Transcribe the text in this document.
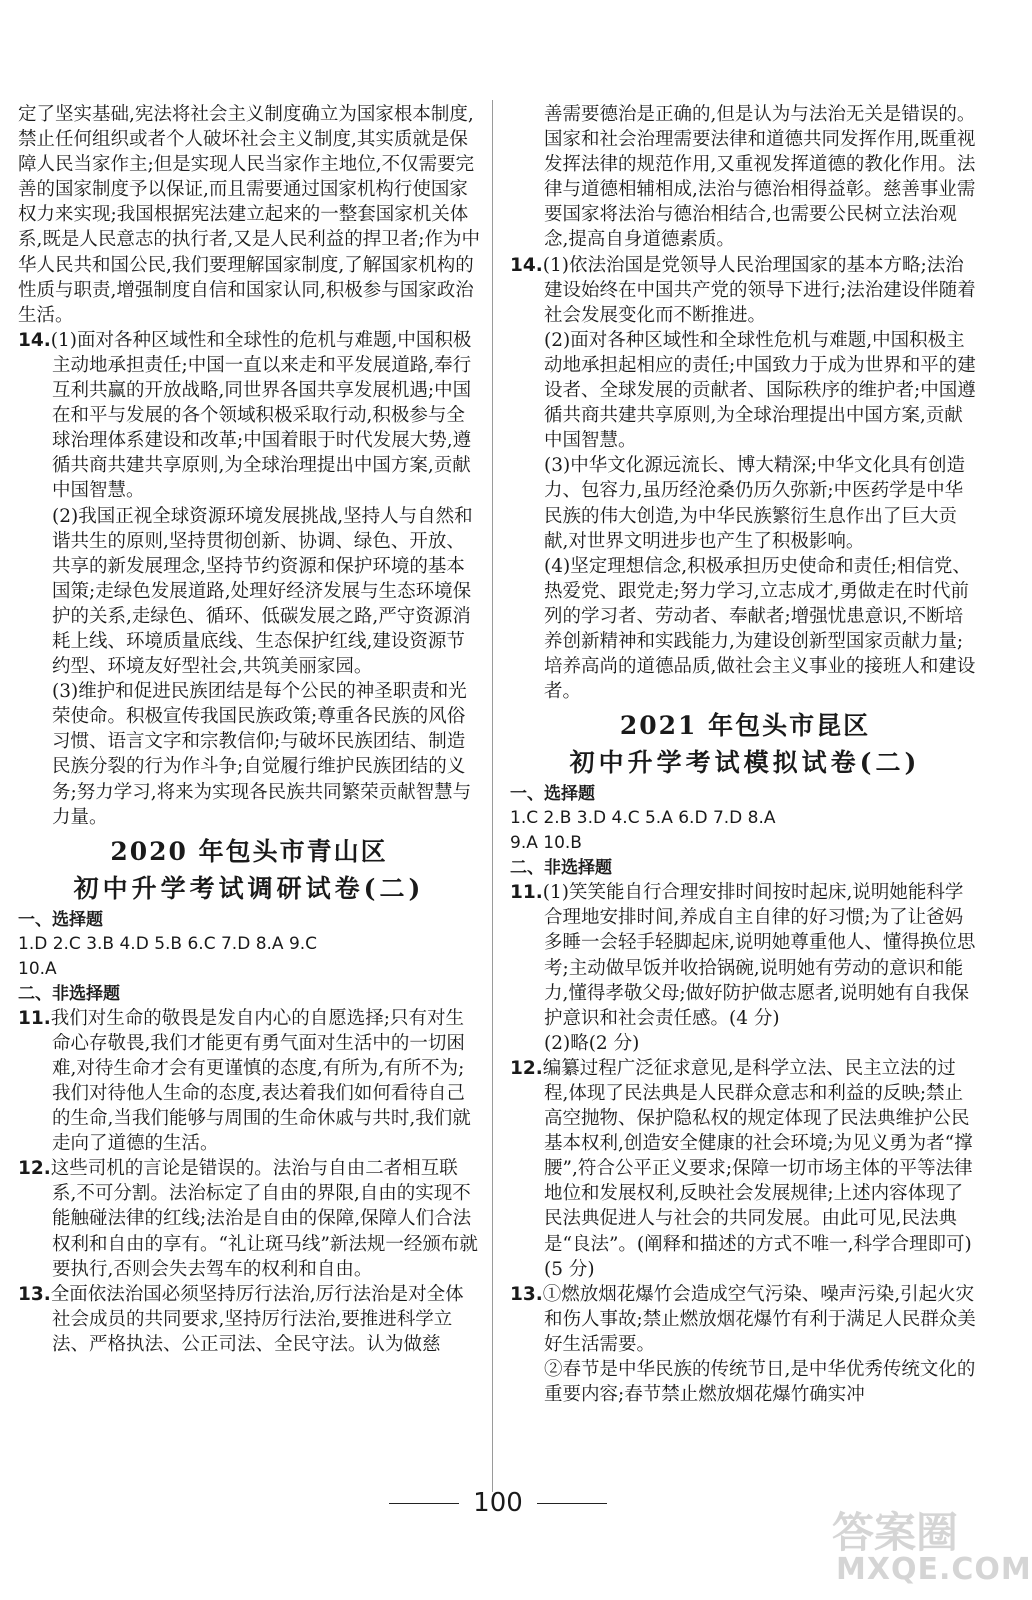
定了坚实基础,宪法将社会主义制度确立为国家根本制度,禁止任何组织或者个人破坏社会主义制度,其实质就是保障人民当家作主;但是实现人民当家作主地位,不仅需要完善的国家制度予以保证,而且需要通过国家机构行使国家权力来实现;我国根据宪法建立起来的一整套国家机关体系,既是人民意志的执行者,又是人民利益的捍卫者;作为中华人民共和国公民,我们要理解国家制度,了解国家机构的性质与职责,增强制度自信和国家认同,积极参与国家政治生活。

14.(1)面对各种区域性和全球性的危机与难题,中国积极主动地承担责任;中国一直以来走和平发展道路,奉行互利共赢的开放战略,同世界各国共享发展机遇;中国在和平与发展的各个领域积极采取行动,积极参与全球治理体系建设和改革;中国着眼于时代发展大势,遵循共商共建共享原则,为全球治理提出中国方案,贡献中国智慧。

(2)我国正视全球资源环境发展挑战,坚持人与自然和谐共生的原则,坚持贯彻创新、协调、绿色、开放、共享的新发展理念,坚持节约资源和保护环境的基本国策;走绿色发展道路,处理好经济发展与生态环境保护的关系,走绿色、循环、低碳发展之路,严守资源消耗上线、环境质量底线、生态保护红线,建设资源节约型、环境友好型社会,共筑美丽家园。

(3)维护和促进民族团结是每个公民的神圣职责和光荣使命。积极宣传我国民族政策;尊重各民族的风俗习惯、语言文字和宗教信仰;与破坏民族团结、制造民族分裂的行为作斗争;自觉履行维护民族团结的义务;努力学习,将来为实现各民族共同繁荣贡献智慧与力量。

2020 年包头市青山区
初中升学考试调研试卷(二)
一、选择题
1.D 2.C 3.B 4.D 5.B 6.C 7.D 8.A 9.C
10.A
二、非选择题

11.我们对生命的敬畏是发自内心的自愿选择;只有对生命心存敬畏,我们才能更有勇气面对生活中的一切困难,对待生命才会有更谨慎的态度,有所为,有所不为;我们对待他人生命的态度,表达着我们如何看待自己的生命,当我们能够与周围的生命休戚与共时,我们就走向了道德的生活。

12.这些司机的言论是错误的。法治与自由二者相互联系,不可分割。法治标定了自由的界限,自由的实现不能触碰法律的红线;法治是自由的保障,保障人们合法权利和自由的享有。“礼让斑马线”新法规一经颁布就要执行,否则会失去驾车的权利和自由。

13.全面依法治国必须坚持厉行法治,厉行法治是对全体社会成员的共同要求,坚持厉行法治,要推进科学立法、严格执法、公正司法、全民守法。认为做慈

善需要德治是正确的,但是认为与法治无关是错误的。国家和社会治理需要法律和道德共同发挥作用,既重视发挥法律的规范作用,又重视发挥道德的教化作用。法律与道德相辅相成,法治与德治相得益彰。慈善事业需要国家将法治与德治相结合,也需要公民树立法治观念,提高自身道德素质。

14.(1)依法治国是党领导人民治理国家的基本方略;法治建设始终在中国共产党的领导下进行;法治建设伴随着社会发展变化而不断推进。

(2)面对各种区域性和全球性危机与难题,中国积极主动地承担起相应的责任;中国致力于成为世界和平的建设者、全球发展的贡献者、国际秩序的维护者;中国遵循共商共建共享原则,为全球治理提出中国方案,贡献中国智慧。

(3)中华文化源远流长、博大精深;中华文化具有创造力、包容力,虽历经沧桑仍历久弥新;中医药学是中华民族的伟大创造,为中华民族繁衍生息作出了巨大贡献,对世界文明进步也产生了积极影响。

(4)坚定理想信念,积极承担历史使命和责任;相信党、热爱党、跟党走;努力学习,立志成才,勇做走在时代前列的学习者、劳动者、奉献者;增强忧患意识,不断培养创新精神和实践能力,为建设创新型国家贡献力量;培养高尚的道德品质,做社会主义事业的接班人和建设者。

2021 年包头市昆区
初中升学考试模拟试卷(二)
一、选择题
1.C 2.B 3.D 4.C 5.A 6.D 7.D 8.A
9.A 10.B
二、非选择题

11.(1)笑笑能自行合理安排时间按时起床,说明她能科学合理地安排时间,养成自主自律的好习惯;为了让爸妈多睡一会轻手轻脚起床,说明她尊重他人、懂得换位思考;主动做早饭并收拾锅碗,说明她有劳动的意识和能力,懂得孝敬父母;做好防护做志愿者,说明她有自我保护意识和社会责任感。(4 分)

(2)略(2 分)

12.编纂过程广泛征求意见,是科学立法、民主立法的过程,体现了民法典是人民群众意志和利益的反映;禁止高空抛物、保护隐私权的规定体现了民法典维护公民基本权利,创造安全健康的社会环境;为见义勇为者“撑腰”,符合公平正义要求;保障一切市场主体的平等法律地位和发展权利,反映社会发展规律;上述内容体现了民法典促进人与社会的共同发展。由此可见,民法典是“良法”。(阐释和描述的方式不唯一,科学合理即可)(5 分)

13.①燃放烟花爆竹会造成空气污染、噪声污染,引起火灾和伤人事故;禁止燃放烟花爆竹有利于满足人民群众美好生活需要。

②春节是中华民族的传统节日,是中华优秀传统文化的重要内容;春节禁止燃放烟花爆竹确实冲

100
答案圈
MXQE.COM
